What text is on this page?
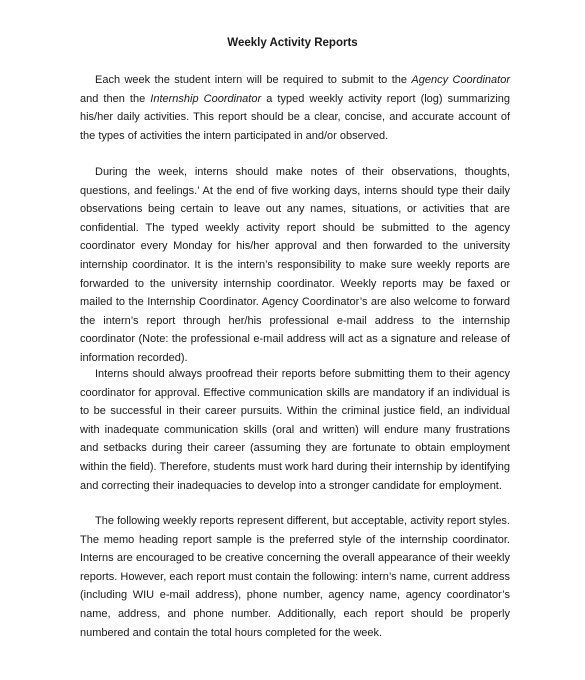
Weekly Activity Reports

Each week the student intern will be required to submit to the Agency Coordinator and then the Internship Coordinator a typed weekly activity report (log) summarizing his/her daily activities. This report should be a clear, concise, and accurate account of the types of activities the intern participated in and/or observed.

During the week, interns should make notes of their observations, thoughts, questions, and feelings.’ At the end of five working days, interns should type their daily observations being certain to leave out any names, situations, or activities that are confidential. The typed weekly activity report should be submitted to the agency coordinator every Monday for his/her approval and then forwarded to the university internship coordinator. It is the intern’s responsibility to make sure weekly reports are forwarded to the university internship coordinator. Weekly reports may be faxed or mailed to the Internship Coordinator. Agency Coordinator’s are also welcome to forward the intern’s report through her/his professional e-mail address to the internship coordinator (Note: the professional e-mail address will act as a signature and release of information recorded).

Interns should always proofread their reports before submitting them to their agency coordinator for approval. Effective communication skills are mandatory if an individual is to be successful in their career pursuits. Within the criminal justice field, an individual with inadequate communication skills (oral and written) will endure many frustrations and setbacks during their career (assuming they are fortunate to obtain employment within the field). Therefore, students must work hard during their internship by identifying and correcting their inadequacies to develop into a stronger candidate for employment.

The following weekly reports represent different, but acceptable, activity report styles. The memo heading report sample is the preferred style of the internship coordinator. Interns are encouraged to be creative concerning the overall appearance of their weekly reports. However, each report must contain the following: intern’s name, current address (including WIU e-mail address), phone number, agency name, agency coordinator’s name, address, and phone number. Additionally, each report should be properly numbered and contain the total hours completed for the week.
